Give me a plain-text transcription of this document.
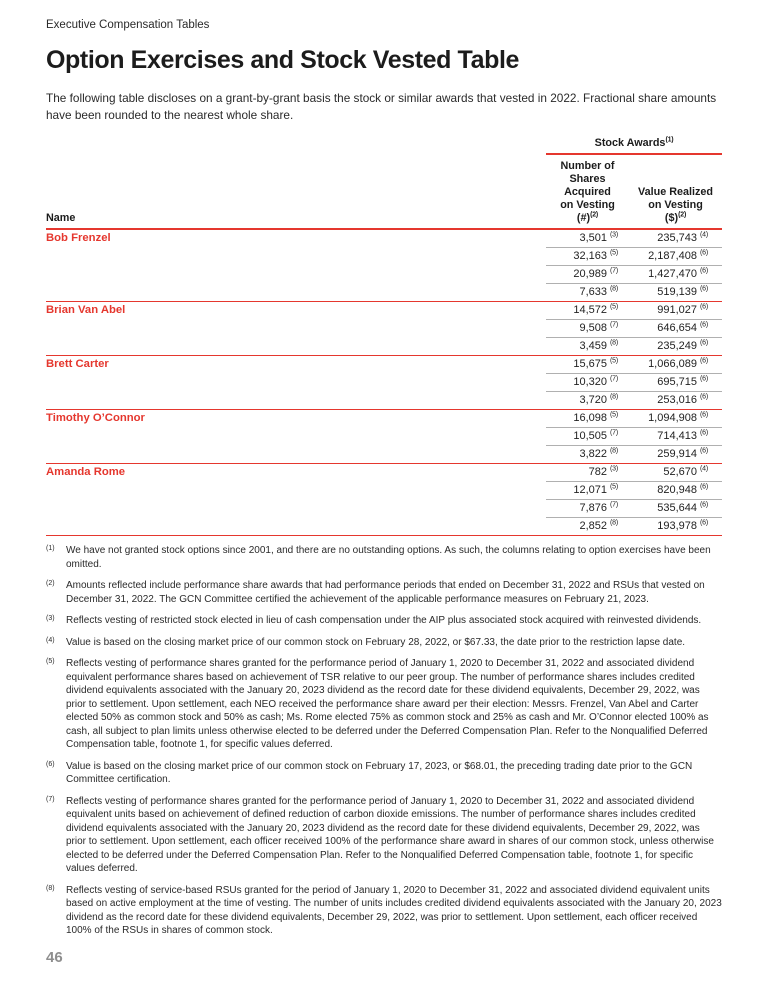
Executive Compensation Tables
Option Exercises and Stock Vested Table

The following table discloses on a grant-by-grant basis the stock or similar awards that vested in 2022. Fractional share amounts have been rounded to the nearest whole share.

	Stock Awards$^{(1)}$
Name	Number of
Shares Acquired
on Vesting
(#)$^{(2)}$		Value Realized
on Vesting
($)$^{(2)}$
Bob Frenzel	3,501	$^{(3)}$	235,743	$^{(4)}$
	32,163	$^{(5)}$	2,187,408	$^{(6)}$
	20,989	$^{(7)}$	1,427,470	$^{(6)}$
	7,633	$^{(8)}$	519,139	$^{(6)}$
Brian Van Abel	14,572	$^{(5)}$	991,027	$^{(6)}$
	9,508	$^{(7)}$	646,654	$^{(6)}$
	3,459	$^{(8)}$	235,249	$^{(6)}$
Brett Carter	15,675	$^{(5)}$	1,066,089	$^{(6)}$
	10,320	$^{(7)}$	695,715	$^{(6)}$
	3,720	$^{(8)}$	253,016	$^{(6)}$
Timothy O’Connor	16,098	$^{(5)}$	1,094,908	$^{(6)}$
	10,505	$^{(7)}$	714,413	$^{(6)}$
	3,822	$^{(8)}$	259,914	$^{(6)}$
Amanda Rome	782	$^{(3)}$	52,670	$^{(4)}$
	12,071	$^{(5)}$	820,948	$^{(6)}$
	7,876	$^{(7)}$	535,644	$^{(6)}$
	2,852	$^{(8)}$	193,978	$^{(6)}$
(1)	We have not granted stock options since 2001, and there are no outstanding options. As such, the columns relating to option exercises have been omitted.
(2)	Amounts reflected include performance share awards that had performance periods that ended on December 31, 2022 and RSUs that vested on December 31, 2022. The GCN Committee certified the achievement of the applicable performance measures on February 21, 2023.
(3)	Reflects vesting of restricted stock elected in lieu of cash compensation under the AIP plus associated stock acquired with reinvested dividends.
(4)	Value is based on the closing market price of our common stock on February 28, 2022, or $67.33, the date prior to the restriction lapse date.
(5)	Reflects vesting of performance shares granted for the performance period of January 1, 2020 to December 31, 2022 and associated dividend equivalent performance shares based on achievement of TSR relative to our peer group. The number of performance shares includes credited dividend equivalents associated with the January 20, 2023 dividend as the record date for these dividend equivalents, December 29, 2022, was prior to settlement. Upon settlement, each NEO received the performance share award per their election: Messrs. Frenzel, Van Abel and Carter elected 50% as common stock and 50% as cash; Ms. Rome elected 75% as common stock and 25% as cash and Mr. O’Connor elected 100% as cash, all subject to plan limits unless otherwise elected to be deferred under the Deferred Compensation Plan. Refer to the Nonqualified Deferred Compensation table, footnote 1, for specific values deferred.
(6)	Value is based on the closing market price of our common stock on February 17, 2023, or $68.01, the preceding trading date prior to the GCN Committee certification.
(7)	Reflects vesting of performance shares granted for the performance period of January 1, 2020 to December 31, 2022 and associated dividend equivalent units based on achievement of defined reduction of carbon dioxide emissions. The number of performance shares includes credited dividend equivalents associated with the January 20, 2023 dividend as the record date for these dividend equivalents, December 29, 2022, was prior to settlement. Upon settlement, each officer received 100% of the performance share award in shares of our common stock, unless otherwise elected to be deferred under the Deferred Compensation Plan. Refer to the Nonqualified Deferred Compensation table, footnote 1, for specific values deferred.
(8)	Reflects vesting of service-based RSUs granted for the period of January 1, 2020 to December 31, 2022 and associated dividend equivalent units based on active employment at the time of vesting. The number of units includes credited dividend equivalents associated with the January 20, 2023 dividend as the record date for these dividend equivalents, December 29, 2022, was prior to settlement. Upon settlement, each officer received 100% of the RSUs in shares of common stock.
46
